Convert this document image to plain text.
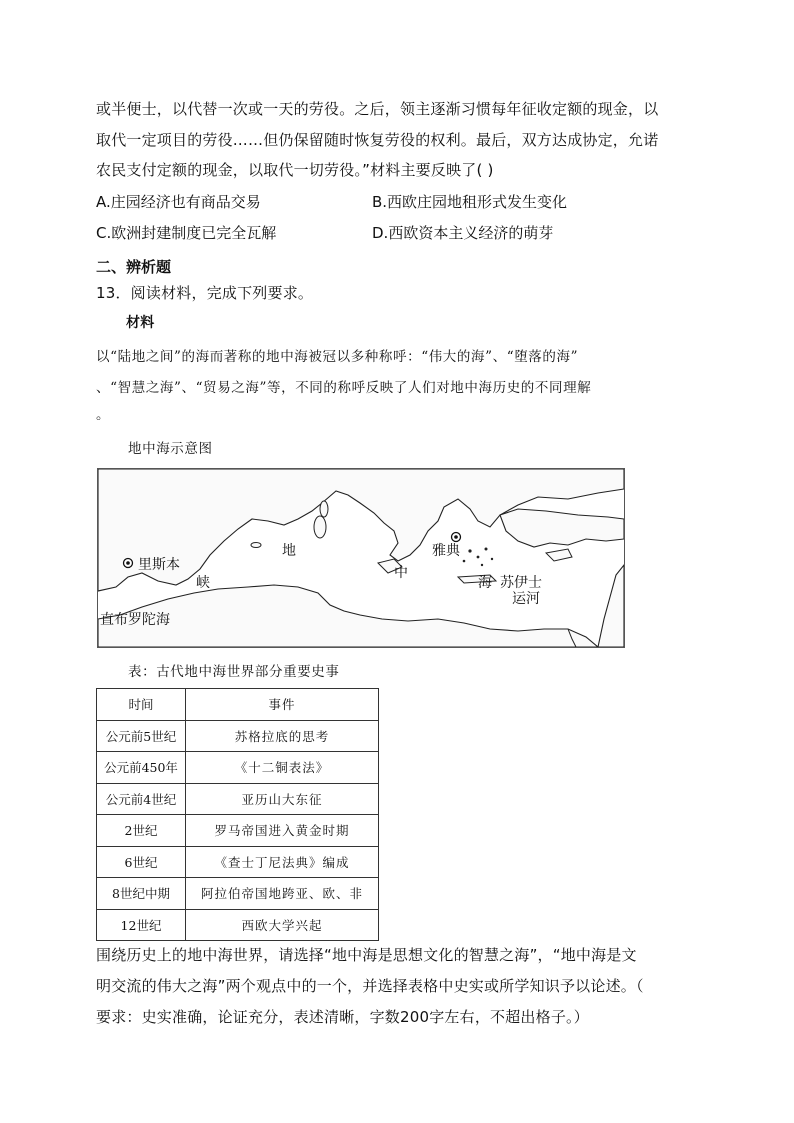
或半便士，以代替一次或一天的劳役。之后，领主逐渐习惯每年征收定额的现金，以
取代一定项目的劳役……但仍保留随时恢复劳役的权利。最后，双方达成协定，允诺
农民支付定额的现金，以取代一切劳役。”材料主要反映了( )
A.庄园经济也有商品交易	B.西欧庄园地租形式发生变化
C.欧洲封建制度已完全瓦解	D.西欧资本主义经济的萌芽
二、辨析题
13．阅读材料，完成下列要求。
材料
以“陆地之间”的海而著称的地中海被冠以多种称呼：“伟大的海”、“堕落的海”
、“智慧之海”、“贸易之海”等，不同的称呼反映了人们对地中海历史的不同理解
。
地中海示意图
里斯本
直布罗陀海
峡
地
中
海
雅典
苏伊士
运河
表：古代地中海世界部分重要史事
时间	事件
公元前5世纪	苏格拉底的思考
公元前450年	《十二铜表法》
公元前4世纪	亚历山大东征
2世纪	罗马帝国进入黄金时期
6世纪	《查士丁尼法典》编成
8世纪中期	阿拉伯帝国地跨亚、欧、非
12世纪	西欧大学兴起
围绕历史上的地中海世界，请选择“地中海是思想文化的智慧之海”，“地中海是文
明交流的伟大之海”两个观点中的一个，并选择表格中史实或所学知识予以论述。（
要求：史实准确，论证充分，表述清晰，字数200字左右，不超出格子。）
